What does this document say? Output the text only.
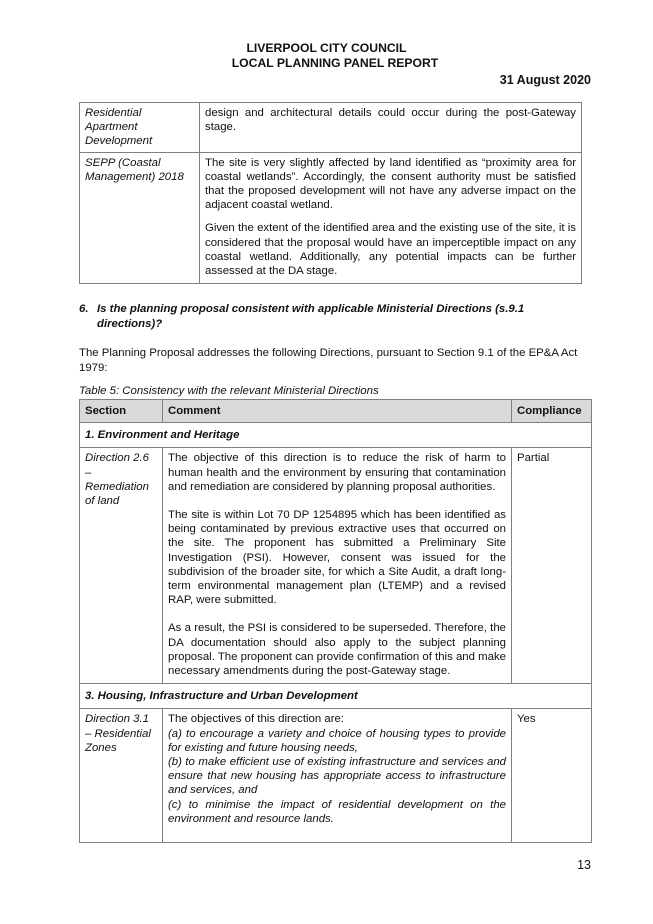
LIVERPOOL CITY COUNCIL
LOCAL PLANNING PANEL REPORT
31 August 2020
Residential Apartment Development	design and architectural details could occur during the post-Gateway stage.

SEPP (Coastal Management) 2018	The site is very slightly affected by land identified as “proximity area for coastal wetlands”. Accordingly, the consent authority must be satisfied that the proposed development will not have any adverse impact on the adjacent coastal wetland.

Given the extent of the identified area and the existing use of the site, it is considered that the proposal would have an imperceptible impact on any coastal wetland. Additionally, any potential impacts can be further assessed at the DA stage.

6. Is the planning proposal consistent with applicable Ministerial Directions (s.9.1 directions)?
The Planning Proposal addresses the following Directions, pursuant to Section 9.1 of the EP&A Act 1979:
Table 5: Consistency with the relevant Ministerial Directions
Section	Comment	Compliance
1. Environment and Heritage		
Direction 2.6 – Remediation of land	The objective of this direction is to reduce the risk of harm to human health and the environment by ensuring that contamination and remediation are considered by planning proposal authorities.

The site is within Lot 70 DP 1254895 which has been identified as being contaminated by previous extractive uses that occurred on the site. The proponent has submitted a Preliminary Site Investigation (PSI). However, consent was issued for the subdivision of the broader site, for which a Site Audit, a draft long-term environmental management plan (LTEMP) and a revised RAP, were submitted.

As a result, the PSI is considered to be superseded. Therefore, the DA documentation should also apply to the subject planning proposal. The proponent can provide confirmation of this and make necessary amendments during the post-Gateway stage.	Partial
3. Housing, Infrastructure and Urban Development		
Direction 3.1 – Residential Zones	The objectives of this direction are:

(a) to encourage a variety and choice of housing types to provide for existing and future housing needs,

(b) to make efficient use of existing infrastructure and services and ensure that new housing has appropriate access to infrastructure and services, and

(c) to minimise the impact of residential development on the environment and resource lands.	Yes
13
